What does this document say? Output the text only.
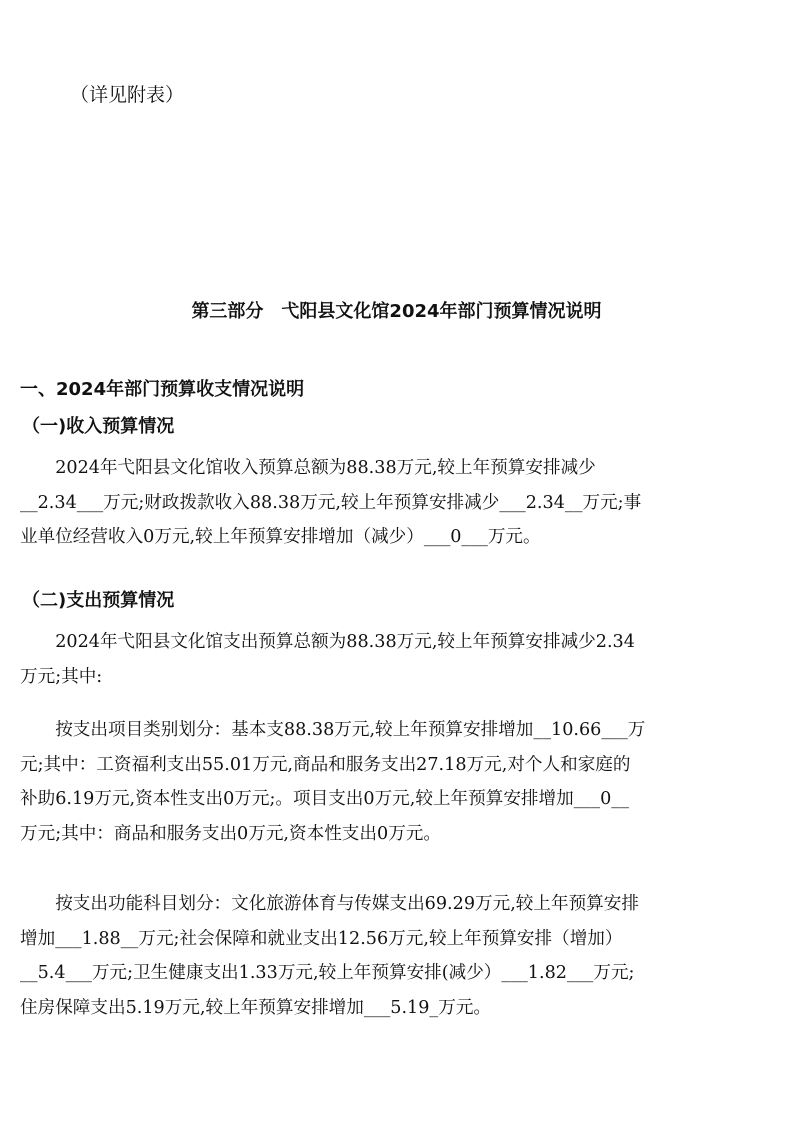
（详见附表）
第三部分　弋阳县文化馆2024年部门预算情况说明
一、2024年部门预算收支情况说明
（一)收入预算情况
　　2024年弋阳县文化馆收入预算总额为88.38万元,较上年预算安排减少
__2.34___万元;财政拨款收入88.38万元,较上年预算安排减少___2.34__万元;事
业单位经营收入0万元,较上年预算安排增加（减少）___0___万元。
（二)支出预算情况
　　2024年弋阳县文化馆支出预算总额为88.38万元,较上年预算安排减少2.34
万元;其中:
　　按支出项目类别划分：基本支88.38万元,较上年预算安排增加__10.66___万
元;其中：工资福利支出55.01万元,商品和服务支出27.18万元,对个人和家庭的
补助6.19万元,资本性支出0万元;。项目支出0万元,较上年预算安排增加___0__
万元;其中：商品和服务支出0万元,资本性支出0万元。
　　按支出功能科目划分：文化旅游体育与传媒支出69.29万元,较上年预算安排
增加___1.88__万元;社会保障和就业支出12.56万元,较上年预算安排（增加）
__5.4___万元;卫生健康支出1.33万元,较上年预算安排(减少）___1.82___万元;
住房保障支出5.19万元,较上年预算安排增加___5.19_万元。
